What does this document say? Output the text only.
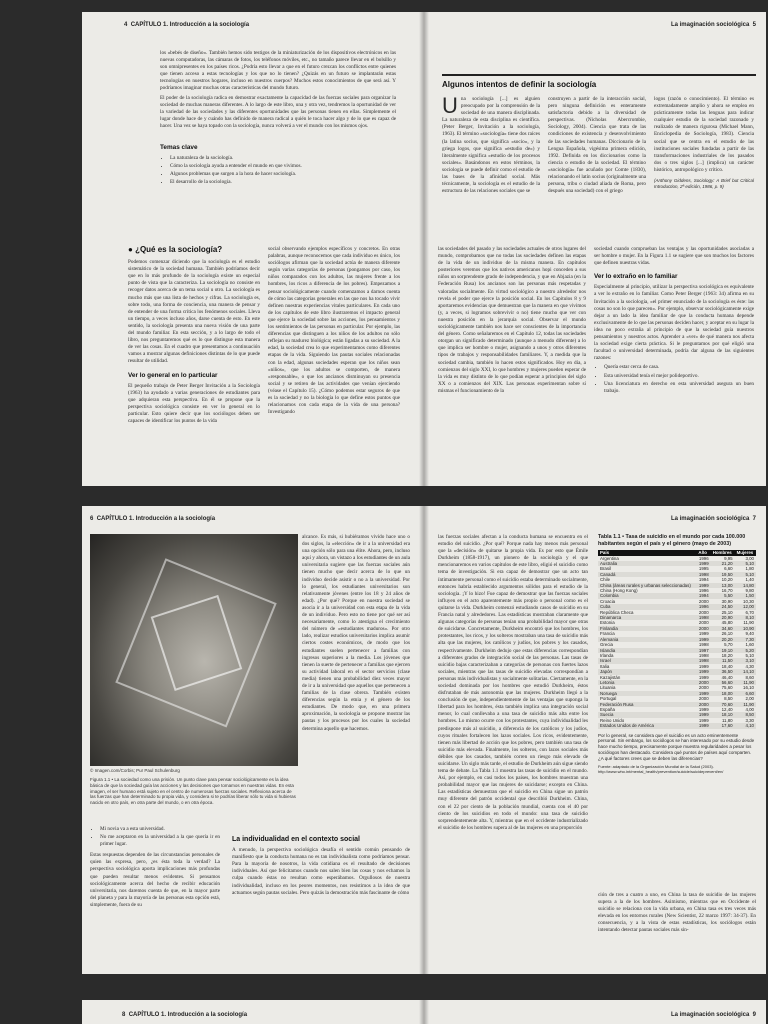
4 CAPÍTULO 1. Introducción a la sociología	La imaginación sociológica 5

los «bebés de diseño». También hemos sido testigos de la miniaturización de los dispositivos electrónicos en las nuevas computadoras, las cámaras de fotos, los teléfonos móviles, etc., no tamaño parece llevar en el bolsillo y son omnipresentes en los países ricos. ¿Podría esto llevar a que en el futuro crezcan los conflictos entre quienes que tienen acceso a estas tecnologías y los que no lo tienen? ¿Quizás en un futuro se implantarán estas tecnologías en nuestros hogares, incluso en nuestros cuerpos? Muchos estos conocimientos de que será así. Y podríamos imaginar muchas otras características del mundo futuro.

El poder de la sociología radica en demostrar exactamente la capacidad de las fuerzas sociales para organizar la sociedad de muchas maneras diferentes. A lo largo de este libro, una y otra vez, tendremos la oportunidad de ver la variedad de las sociedades y las diferentes oportunidades que las personas tienen en ellas. Simplemente el lugar donde hace de y cuándo has definido de manera radical a quién le toca hacer algo y de lo que es capaz de hacer. Una vez se haya topado con la sociología, nunca volverá a ver el mundo con los mismos ojos.

Temas clave
• La naturaleza de la sociología.
• Cómo la sociología ayuda a entender el mundo en que vivimos.
• Algunos problemas que surgen a la hora de hacer sociología.
• El desarrollo de la sociología.
Algunos intentos de definir la sociología
Una sociología [...] es alguien preocupado por la comprensión de la sociedad de una manera disciplinada. La naturaleza de esta disciplina es científica. (Peter Berger, Invitación a la sociología, 1963). El término «sociología» tiene dos raíces (la latina socius, que significa «socio», y la griega logos, que significa «estudio de») y literalmente significa «estudio de los procesos sociales». Basándonos en estos términos, la sociología se puede definir como el estudio de las bases de la afinidad social. Más técnicamente, la sociología es el estudio de la estructura de las relaciones sociales que se
construyen a partir de la interacción social, pero ninguna definición es enteramente satisfactoria debido a la diversidad de perspectivas. (Nicholas Abercrombie, Sociology, 2004). Ciencia que trata de las condiciones de existencia y desenvolvimiento de las sociedades humanas. Diccionario de la Lengua Española, vigésima primera edición, 1992. Definida en los diccionarios como la ciencia o estudio de la sociedad. El término «sociología» fue acuñado por Comte (1830), relacionando el latín socius (originalmente una persona, tribu o ciudad aliada de Roma, pero después una sociedad) con el griego
logos (razón o conocimiento). El término es extremadamente amplio y ahora se emplea en prácticamente todas las lenguas para indicar cualquier estudio de la sociedad razonado y realizado de manera rigurosa (Michael Mann, Enciclopedia de Sociología, 1983). Ciencia social que se centra en el estudio de las instituciones sociales fundadas a partir de las transformaciones industriales de los pasados dos o tres siglos [...] (implica) un carácter histórico, antropológico y crítico.

(Anthony Giddens, Sociology: A Brief but Critical Introduction, 2ª edición, 1986, p. 9)

● ¿Qué es la sociología?

Podemos comenzar diciendo que la sociología es el estudio sistemático de la sociedad humana. También podríamos decir que en lo más profundo de la sociología existe un especial punto de vista que la caracteriza. La sociología no consiste en recoger datos acerca de un tema social u otro. La sociología es mucho más que una lista de hechos y cifras. La sociología es, sobre todo, una forma de conciencia, una manera de pensar y de entender de una forma crítica los fenómenos sociales. Lleva un tiempo, a veces incluso años, darse cuenta de esto. En este sentido, la sociología presenta una nueva visión de una parte del mundo familiar. En esta sección, y a lo largo de todo el libro, nos preguntaremos qué es lo que distingue esta manera de ver las cosas. En el cuadro que presentamos a continuación vamos a mostrar algunas definiciones distintas de lo que puede resultar de utilidad.

Ver lo general en lo particular

El pequeño trabajo de Peter Berger Invitación a la Sociología (1963) ha ayudado a varias generaciones de estudiantes para que adquieran esta perspectiva. En él se propone que la perspectiva sociológica consiste en ver lo general en lo particular. Esto quiere decir que los sociólogos deben ser capaces de identificar los puntos de la vida

social observando ejemplos específicos y concretos. En otras palabras, aunque reconocemos que cada individuo es único, los sociólogos afirman que la sociedad actúa de manera diferente según varias categorías de personas (pongamos por caso, los niños comparados con los adultos, las mujeres frente a los hombres, los ricos a diferencia de los pobres). Empezamos a pensar sociológicamente cuando comenzamos a darnos cuenta de cómo las categorías generales en las que nos ha tocado vivir definen nuestras experiencias vitales particulares. En cada uno de los capítulos de este libro ilustraremos el impacto general que ejerce la sociedad sobre las acciones, los pensamientos y los sentimientos de las personas en particular. Por ejemplo, las diferencias que distinguen a los niños de los adultos no sólo reflejan su madurez biológica; están ligadas a su sociedad. A la edad, la sociedad crea lo que experimentamos como diferentes etapas de la vida. Siguiendo las pautas sociales relacionadas con la edad, algunas sociedades esperan que los niños sean «niños», que los adultos se comporten, de manera «responsable», o que los ancianos disminuyan su presencia social y se retiren de las actividades que venían ejerciendo (véase el Capítulo 15). ¿Cómo podemos estar seguros de que es la sociedad y no la biología lo que define estos puntos que relacionamos con cada etapa de la vida de una persona? Investigando

las sociedades del pasado y las sociedades actuales de otros lugares del mundo, comprobamos que no todas las sociedades definen las etapas de la vida de un individuo de la misma manera. En capítulos posteriores veremos que los nativos americanos hopi conceden a sus niños un sorprendente grado de independencia, y que en Abjazia (en la Federación Rusa) los ancianos son las personas más respetadas y valoradas socialmente. En virtud sociológico a nuestro alrededor nos revela el poder que ejerce la posición social. En los Capítulos 8 y 9 aportaremos evidencias que demuestran que la manera en que vivimos (y, a veces, si logramos sobrevivir o no) tiene mucho que ver con nuestra posición en la jerarquía social. Observar el mundo sociológicamente también nos hace ser conscientes de la importancia del género. Como señalaremos en el Capítulo 12, todas las sociedades otorgan un significado determinado (aunque a menudo diferente) a lo que implica ser hombre o mujer, asignando a unos y otros diferentes tipos de trabajos y responsabilidades familiares. Y, a medida que la sociedad cambia, también lo hacen estos significados. Hoy en día, a comienzos del siglo XXI, lo que hombres y mujeres pueden esperar de la vida es muy distinto de lo que podían esperar a principios del siglo XX o a comienzos del XIX. Las personas experimentan sobre sí mismas el funcionamiento de la

sociedad cuando comprueban las ventajas y las oportunidades asociadas a ser hombre o mujer. En la Figura 1.1 se sugiere que son muchos los factores que definen nuestras vidas.

Ver lo extraño en lo familiar

Especialmente al principio, utilizar la perspectiva sociológica es equivalente a ver lo extraño en lo familiar. Como Peter Berger (1963: 34) afirma en su Invitación a la sociología, «el primer enunciado de la sociología es éste: las cosas no son lo que parecen». Por ejemplo, observar sociológicamente exige dejar a un lado la idea familiar de que la conducta humana depende exclusivamente de lo que las personas deciden hacer, y aceptar en su lugar la idea no poco extraña al principio de que la sociedad guía nuestros pensamientos y nuestros actos. Aprender a «ver» de qué manera nos afecta la sociedad exige cierta práctica. Si le preguntamos por qué eligió una facultad o universidad determinada, podría dar alguna de las siguientes razones:

• Quería estar cerca de casa.
• Esta universidad tenía el mejor polideportivo.
• Una licenciatura en derecho en esta universidad asegura un buen trabajo.
6 CAPÍTULO 1. Introducción a la sociología	La imaginación sociológica 7
© Imagen.com/Corbis; Pur Paul Schulenburg
Figura 1.1 • La sociedad como una prisión. Un punto clave para pensar sociológicamente es la idea básica de que la sociedad guía las acciones y las decisiones que tomamos en nuestras vidas. En esta imagen, el ser humano está sujeto en el centro de numerosas fuerzas sociales. Reflexiona acerca de las fuerzas que han determinado tu propia vida, y considera si te podrías liberar sólo tu vida si hubieras nacido en otro país, en otra parte del mundo, o en otra época.
• Mi novia va a esta universidad.
• No me aceptaron en la universidad a la que quería ir en primer lugar.

Estas respuestas dependen de las circunstancias personales de quien las expresa, pero, ¿es ésta toda la verdad? La perspectiva sociológica aporta implicaciones más profundas que pueden resultar menos evidentes. Si pensamos sociológicamente acerca del hecho de recibir educación universitaria, nos daremos cuenta de que, en la mayor parte del planeta y para la mayoría de las personas esta opción está, simplemente, fuera de su

alcance. Es más, si hubiéramos vivido hace uno o dos siglos, la «elección» de ir a la universidad era una opción sólo para una élite. Ahora, pero, incluso aquí y ahora, un vistazo a los estudiantes de un aula universitaria sugiere que las fuerzas sociales aún tienen mucho que decir acerca de lo que un individuo decide asistir o no a la universidad. Por lo general, los estudiantes universitarios son relativamente jóvenes (entre los 18 y 24 años de edad). ¿Por qué? Porque en nuestra sociedad se asocia ir a la universidad con esta etapa de la vida de un individuo. Pero esto no tiene por qué ser así necesariamente, como lo atestigua el crecimiento del número de «estudiantes maduros». Por otro lado, realizar estudios universitarios implica asumir ciertos costes económicos, de modo que los estudiantes suelen pertenecer a familias con ingresos superiores a la media. Los jóvenes que tienen la suerte de pertenecer a familias que ejercen su actividad laboral en el sector servicios (clase media) tienen una probabilidad diez veces mayor de ir a la universidad que aquellos que pertenecen a familias de la clase obrera. También existen diferencias según la etnia y el género de los estudiantes. De modo que, en una primera aproximación, la sociología se propone mostrar las pautas y los procesos por los cuales la sociedad determina aquello que hacemos.

La individualidad en el contexto social

A menudo, la perspectiva sociológica desafía el sentido común pensando de manifiesto que la conducta humana no es tan individualista como podríamos pensar. Para la mayoría de nosotros, la vida cotidiana es el resultado de decisiones individuales. Así que felicitamos cuando nos salen bien las cosas y nos echamos la culpa cuando éstas no resultan como esperábamos. Orgullosos de nuestra individualidad, incluso en los peores momentos, nos resistimos a la idea de que actuamos según pautas sociales. Pero quizás la demostración más fascinante de cómo

las fuerzas sociales afectan a la conducta humana se encuentra en el estudio del suicidio. ¿Por qué? Porque nada hay menos más personal que la «decisión» de quitarse la propia vida. Es por esto que Émile Durkheim (1858-1917), un pionero de la sociología y el que mencionaremos en varios capítulos de este libro, eligió el suicidio como tema de investigación. Si era capaz de demostrar que un acto tan íntimamente personal como el suicidio estaba determinado socialmente, entonces habría establecido argumentos sólidos para el estudio de la sociología. ¡Y lo hizo! Fue capaz de demostrar que las fuerzas sociales influyen en el acto aparentemente más propio o personal como es el quitarse la vida. Durkheim comenzó estudiando casos de suicidio en su Francia natal y alrededores. Las estadísticas mostraban claramente que algunas categorías de personas tenían una probabilidad mayor que otras de suicidarse. Concretamente, Durkheim encontró que los hombres, los protestantes, los ricos, y los solteros mostraban una tasa de suicidio más alta que las mujeres, los católicos y judíos, los pobres y los casados, respectivamente. Durkheim dedujo que estas diferencias correspondían a diferentes grados de integración social de las personas. Las tasas de suicidio bajas caracterizaban a categorías de personas con fuertes lazos sociales, mientras que las tasas de suicidio elevadas correspondían a personas más individualistas y socialmente solitarias. Ciertamente, en la sociedad dominada por los hombres que estudió Durkheim, éstos disfrutaban de más autonomía que las mujeres. Durkheim llegó a la conclusión de que, independientemente de las ventajas que suponga la libertad para los hombres, ésta también implica una integración social menor, lo cual conllevaba a una tasa de suicidio más alta entre los hombres. Lo mismo ocurre con los protestantes, cuya individualidad les predispone más al suicidio, a diferencia de los católicos y los judíos, cuyos rituales fortalecen los lazos sociales. Los ricos, evidentemente, tienen más libertad de acción que los pobres, pero también una tasa de suicidio más elevada. Finalmente, los solteros, con lazos sociales más débiles que los casados, también corren un riesgo más elevado de suicidarse. Un siglo más tarde, el estudio de Durkheim aún sigue siendo tema de debate. La Tabla 1.1 muestra las tasas de suicidio en el mundo. Así, por ejemplo, en casi todos los países, los hombres muestran una probabilidad mayor que las mujeres de suicidarse; excepto en China. Las estadísticas demuestran que el suicidio en China sigue un patrón muy diferente del patrón occidental que describió Durkheim. China, con el 22 por ciento de la población mundial, cuenta con el 40 por ciento de los suicidios en todo el mundo: una tasa de suicidio sorprendentemente alta. Y, mientras que en el occidente industrializado el suicidio de los hombres supera al de las mujeres en una proporción

Tabla 1.1 • Tasa de suicidio en el mundo por cada 100.000 habitantes según el país y el género (mayo de 2003)
País	Año	Hombres	Mujeres
Argentina	1996	9,95	3,00
Australia	1999	21,20	5,10
Brasil	1995	6,60	1,80
Canadá	1998	19,50	5,10
Chile	1994	10,20	1,40
China (áreas rurales y urbanas seleccionadas)	1999	13,00	14,80
China (Hong Kong)	1996	16,70	9,80
Colombia	1994	5,50	1,50
Croacia	2000	30,90	10,30
Cuba	1996	24,50	12,00
República Checa	2000	25,10	6,70
Dinamarca	1998	20,90	8,10
Estonia	2000	45,80	11,90
Finlandia	2000	34,60	10,90
Francia	1999	26,10	9,40
Alemania	1999	20,20	7,30
Grecia	1998	5,70	1,60
Islandia	1997	19,10	5,20
Irlanda	1998	18,20	5,10
Israel	1998	11,50	3,10
Italia	1999	18,40	4,30
Japón	1999	36,50	14,10
Kazajistán	1999	46,40	8,60
Letonia	2000	56,60	11,90
Lituania	2000	75,60	16,10
Noruega	1999	18,00	6,60
Portugal	2000	8,50	2,00
Federación Rusa	2000	70,60	11,90
España	1999	12,40	4,00
Suecia	1999	18,10	8,50
Reino Unido	1999	11,80	3,30
Estados Unidos de América	1999	17,60	4,10
Por lo general, se considera que el suicidio es un acto eminentemente personal. Sin embargo, los sociólogos se han interesado por su estudio desde hace mucho tiempo, precisamente porque muestra regularidades a pesar los sociólogos han destacado. Considera qué puntos de países aquí comparten. ¿A qué factores crees que se deben las diferencias?
Fuente: adaptado de la Organización Mundial de la Salud (2003). http://www.who.int/mental_health/prevention/suicide/suicideprevent/en/

ción de tres a cuatro a uno, en China la tasa de suicidio de las mujeres supera a la de los hombres. Asimismo, mientras que en Occidente el suicidio se relaciona con la vida urbana, en China tasa es tres veces más elevada en los entornos rurales (New Scientist, 22 marzo 1997: 34-37). En consecuencia, y a la vista de estas estadísticas, los sociólogos están intentando detectar pautas sociales más sin-

8 CAPÍTULO 1. Introducción a la sociología	La imaginación sociológica 9
